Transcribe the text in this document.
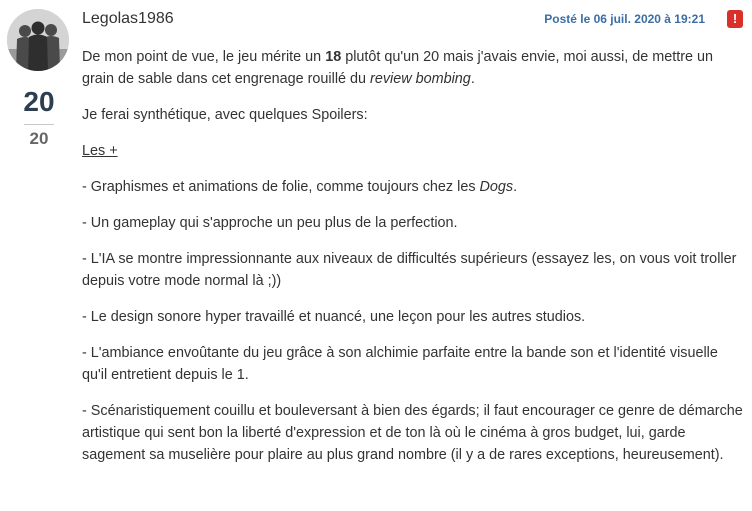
20
20
Legolas1986	Posté le 06 juil. 2020 à 19:21	!

De mon point de vue, le jeu mérite un 18 plutôt qu'un 20 mais j'avais envie, moi aussi, de mettre un grain de sable dans cet engrenage rouillé du review bombing.

Je ferai synthétique, avec quelques Spoilers:

Les +

- Graphismes et animations de folie, comme toujours chez les Dogs.

- Un gameplay qui s'approche un peu plus de la perfection.

- L'IA se montre impressionnante aux niveaux de difficultés supérieurs (essayez les, on vous voit troller depuis votre mode normal là ;))

- Le design sonore hyper travaillé et nuancé, une leçon pour les autres studios.

- L'ambiance envoûtante du jeu grâce à son alchimie parfaite entre la bande son et l'identité visuelle qu'il entretient depuis le 1.

- Scénaristiquement couillu et bouleversant à bien des égards; il faut encourager ce genre de démarche artistique qui sent bon la liberté d'expression et de ton là où le cinéma à gros budget, lui, garde sagement sa muselière pour plaire au plus grand nombre (il y a de rares exceptions, heureusement).
